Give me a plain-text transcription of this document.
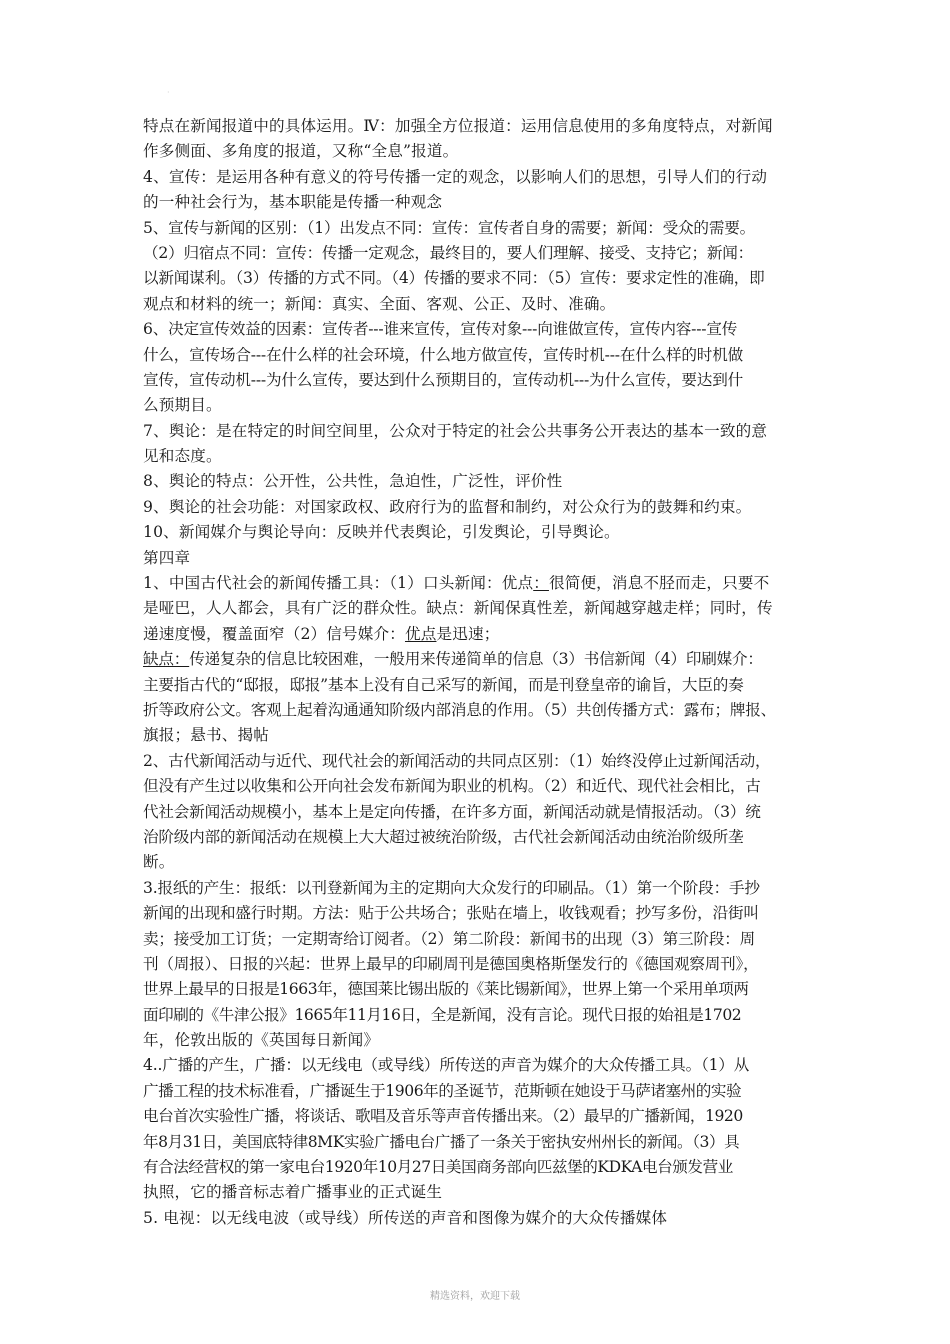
·
特点在新闻报道中的具体运用。Ⅳ：加强全方位报道：运用信息使用的多角度特点，对新闻
作多侧面、多角度的报道，又称“全息”报道。
4、宣传：是运用各种有意义的符号传播一定的观念，以影响人们的思想，引导人们的行动
的一种社会行为，基本职能是传播一种观念
5、宣传与新闻的区别：（1）出发点不同：宣传：宣传者自身的需要；新闻：受众的需要。
（2）归宿点不同：宣传：传播一定观念，最终目的，要人们理解、接受、支持它；新闻：
以新闻谋利。（3）传播的方式不同。（4）传播的要求不同：（5）宣传：要求定性的准确，即
观点和材料的统一；新闻：真实、全面、客观、公正、及时、准确。
6、决定宣传效益的因素：宣传者---谁来宣传，宣传对象---向谁做宣传，宣传内容---宣传
什么，宣传场合---在什么样的社会环境，什么地方做宣传，宣传时机---在什么样的时机做
宣传，宣传动机---为什么宣传，要达到什么预期目的，宣传动机---为什么宣传，要达到什
么预期目。
7、舆论：是在特定的时间空间里，公众对于特定的社会公共事务公开表达的基本一致的意
见和态度。
8、舆论的特点：公开性，公共性，急迫性，广泛性，评价性
9、舆论的社会功能：对国家政权、政府行为的监督和制约，对公众行为的鼓舞和约束。
10、新闻媒介与舆论导向：反映并代表舆论，引发舆论，引导舆论。
第四章
1、中国古代社会的新闻传播工具：（1）口头新闻：优点：很简便，消息不胫而走，只要不
是哑巴，人人都会，具有广泛的群众性。缺点：新闻保真性差，新闻越穿越走样；同时，传
递速度慢，覆盖面窄（2）信号媒介：优点是迅速；
缺点：传递复杂的信息比较困难，一般用来传递简单的信息（3）书信新闻（4）印刷媒介：
主要指古代的“邸报，邸报”基本上没有自己采写的新闻，而是刊登皇帝的谕旨，大臣的奏
折等政府公文。客观上起着沟通通知阶级内部消息的作用。（5）共创传播方式：露布；牌报、
旗报；悬书、揭帖
2、古代新闻活动与近代、现代社会的新闻活动的共同点区别：（1）始终没停止过新闻活动，
但没有产生过以收集和公开向社会发布新闻为职业的机构。（2）和近代、现代社会相比，古
代社会新闻活动规模小，基本上是定向传播，在许多方面，新闻活动就是情报活动。（3）统
治阶级内部的新闻活动在规模上大大超过被统治阶级，古代社会新闻活动由统治阶级所垄
断。
3.报纸的产生：报纸：以刊登新闻为主的定期向大众发行的印刷品。（1）第一个阶段：手抄
新闻的出现和盛行时期。方法：贴于公共场合；张贴在墙上，收钱观看；抄写多份，沿街叫
卖；接受加工订货；一定期寄给订阅者。（2）第二阶段：新闻书的出现（3）第三阶段：周
刊（周报）、日报的兴起：世界上最早的印刷周刊是德国奥格斯堡发行的《德国观察周刊》，
世界上最早的日报是1663年，德国莱比锡出版的《莱比锡新闻》，世界上第一个采用单项两
面印刷的《牛津公报》1665年11月16日，全是新闻，没有言论。现代日报的始祖是1702
年，伦敦出版的《英国每日新闻》
4..广播的产生，广播：以无线电（或导线）所传送的声音为媒介的大众传播工具。（1）从
广播工程的技术标准看，广播诞生于1906年的圣诞节，范斯顿在她设于马萨诸塞州的实验
电台首次实验性广播，将谈话、歌唱及音乐等声音传播出来。（2）最早的广播新闻，1920
年8月31日，美国底特律8MK实验广播电台广播了一条关于密执安州州长的新闻。（3）具
有合法经营权的第一家电台1920年10月27日美国商务部向匹兹堡的KDKA电台颁发营业
执照，它的播音标志着广播事业的正式诞生
5. 电视：以无线电波（或导线）所传送的声音和图像为媒介的大众传播媒体
精选资料，欢迎下载
